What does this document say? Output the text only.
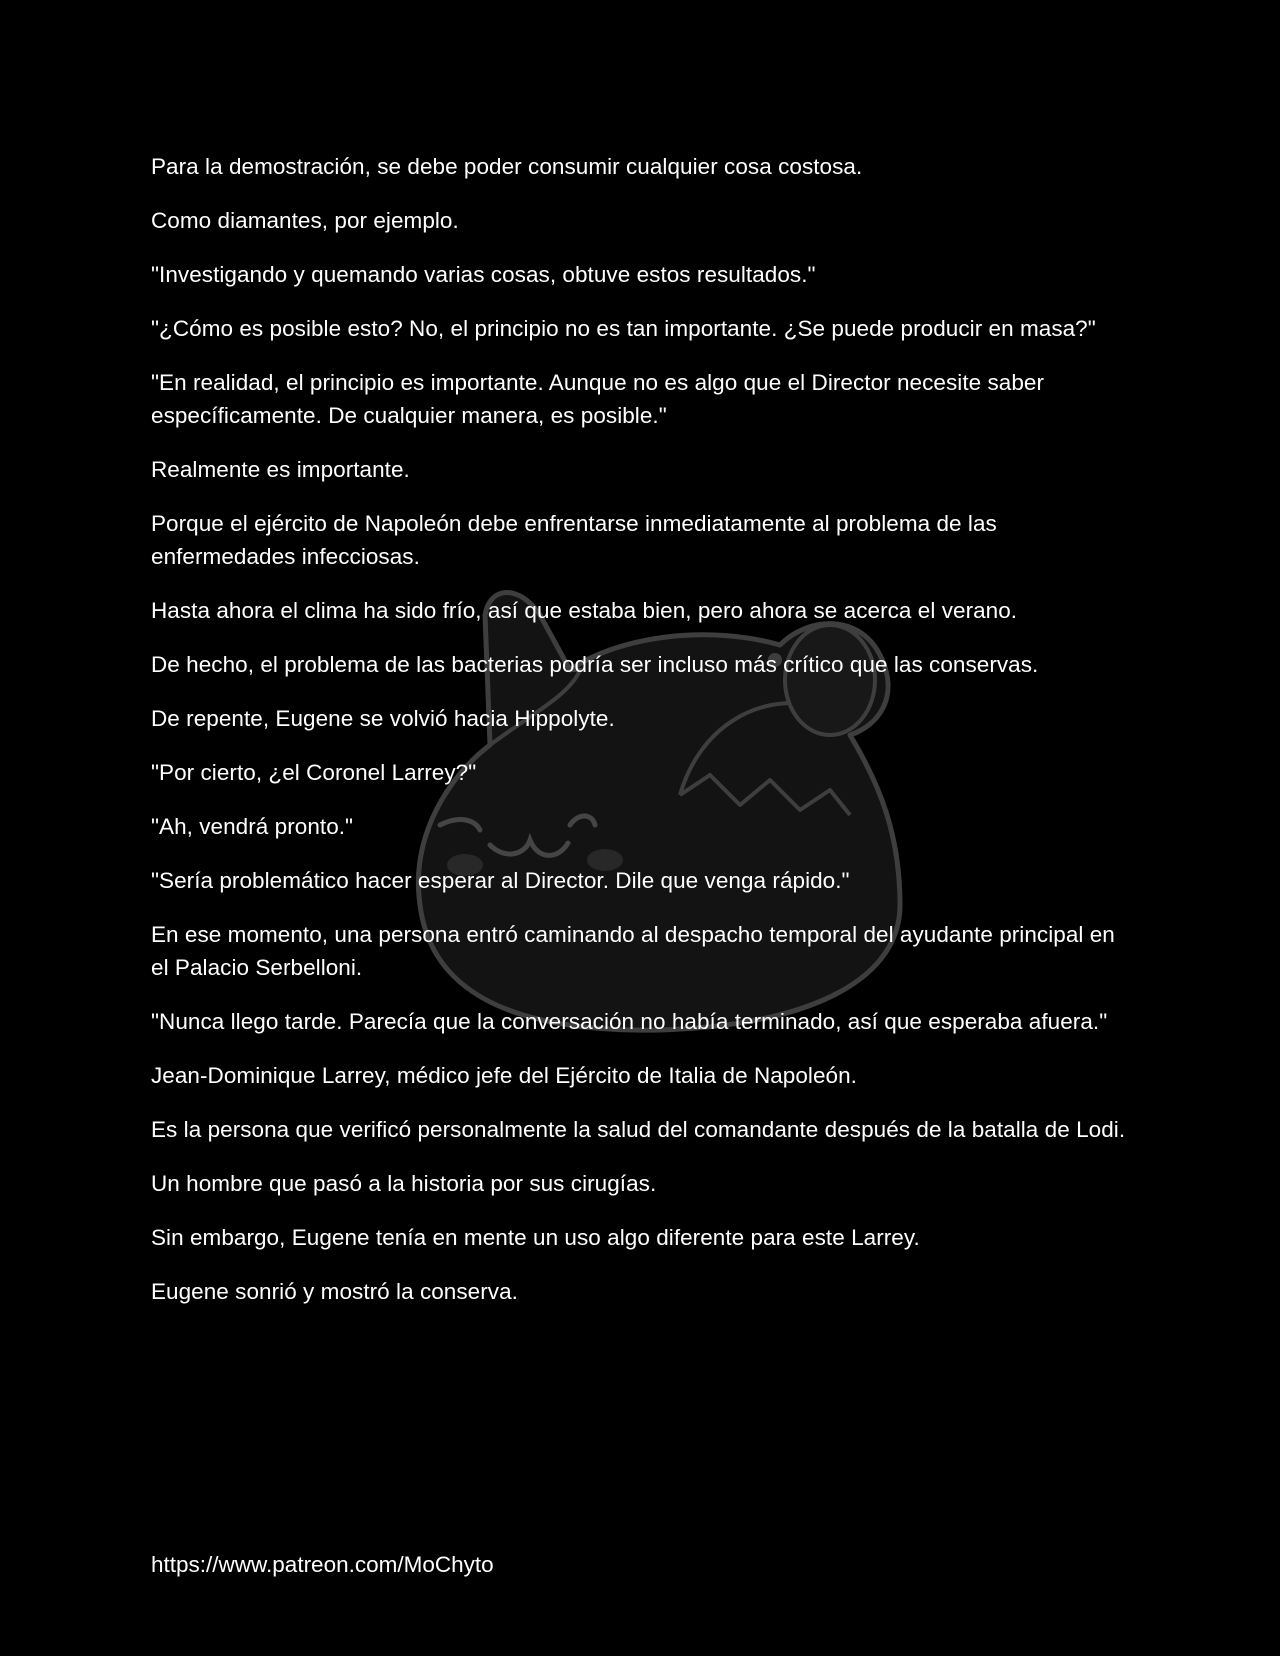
Para la demostración, se debe poder consumir cualquier cosa costosa.

Como diamantes, por ejemplo.

"Investigando y quemando varias cosas, obtuve estos resultados."

"¿Cómo es posible esto? No, el principio no es tan importante. ¿Se puede producir en masa?"

"En realidad, el principio es importante. Aunque no es algo que el Director necesite saber específicamente. De cualquier manera, es posible."

Realmente es importante.

Porque el ejército de Napoleón debe enfrentarse inmediatamente al problema de las enfermedades infecciosas.

Hasta ahora el clima ha sido frío, así que estaba bien, pero ahora se acerca el verano.

De hecho, el problema de las bacterias podría ser incluso más crítico que las conservas.

De repente, Eugene se volvió hacia Hippolyte.

"Por cierto, ¿el Coronel Larrey?"

"Ah, vendrá pronto."

"Sería problemático hacer esperar al Director. Dile que venga rápido."

En ese momento, una persona entró caminando al despacho temporal del ayudante principal en el Palacio Serbelloni.

"Nunca llego tarde. Parecía que la conversación no había terminado, así que esperaba afuera."

Jean-Dominique Larrey, médico jefe del Ejército de Italia de Napoleón.

Es la persona que verificó personalmente la salud del comandante después de la batalla de Lodi.

Un hombre que pasó a la historia por sus cirugías.

Sin embargo, Eugene tenía en mente un uso algo diferente para este Larrey.

Eugene sonrió y mostró la conserva.

https://www.patreon.com/MoChyto
